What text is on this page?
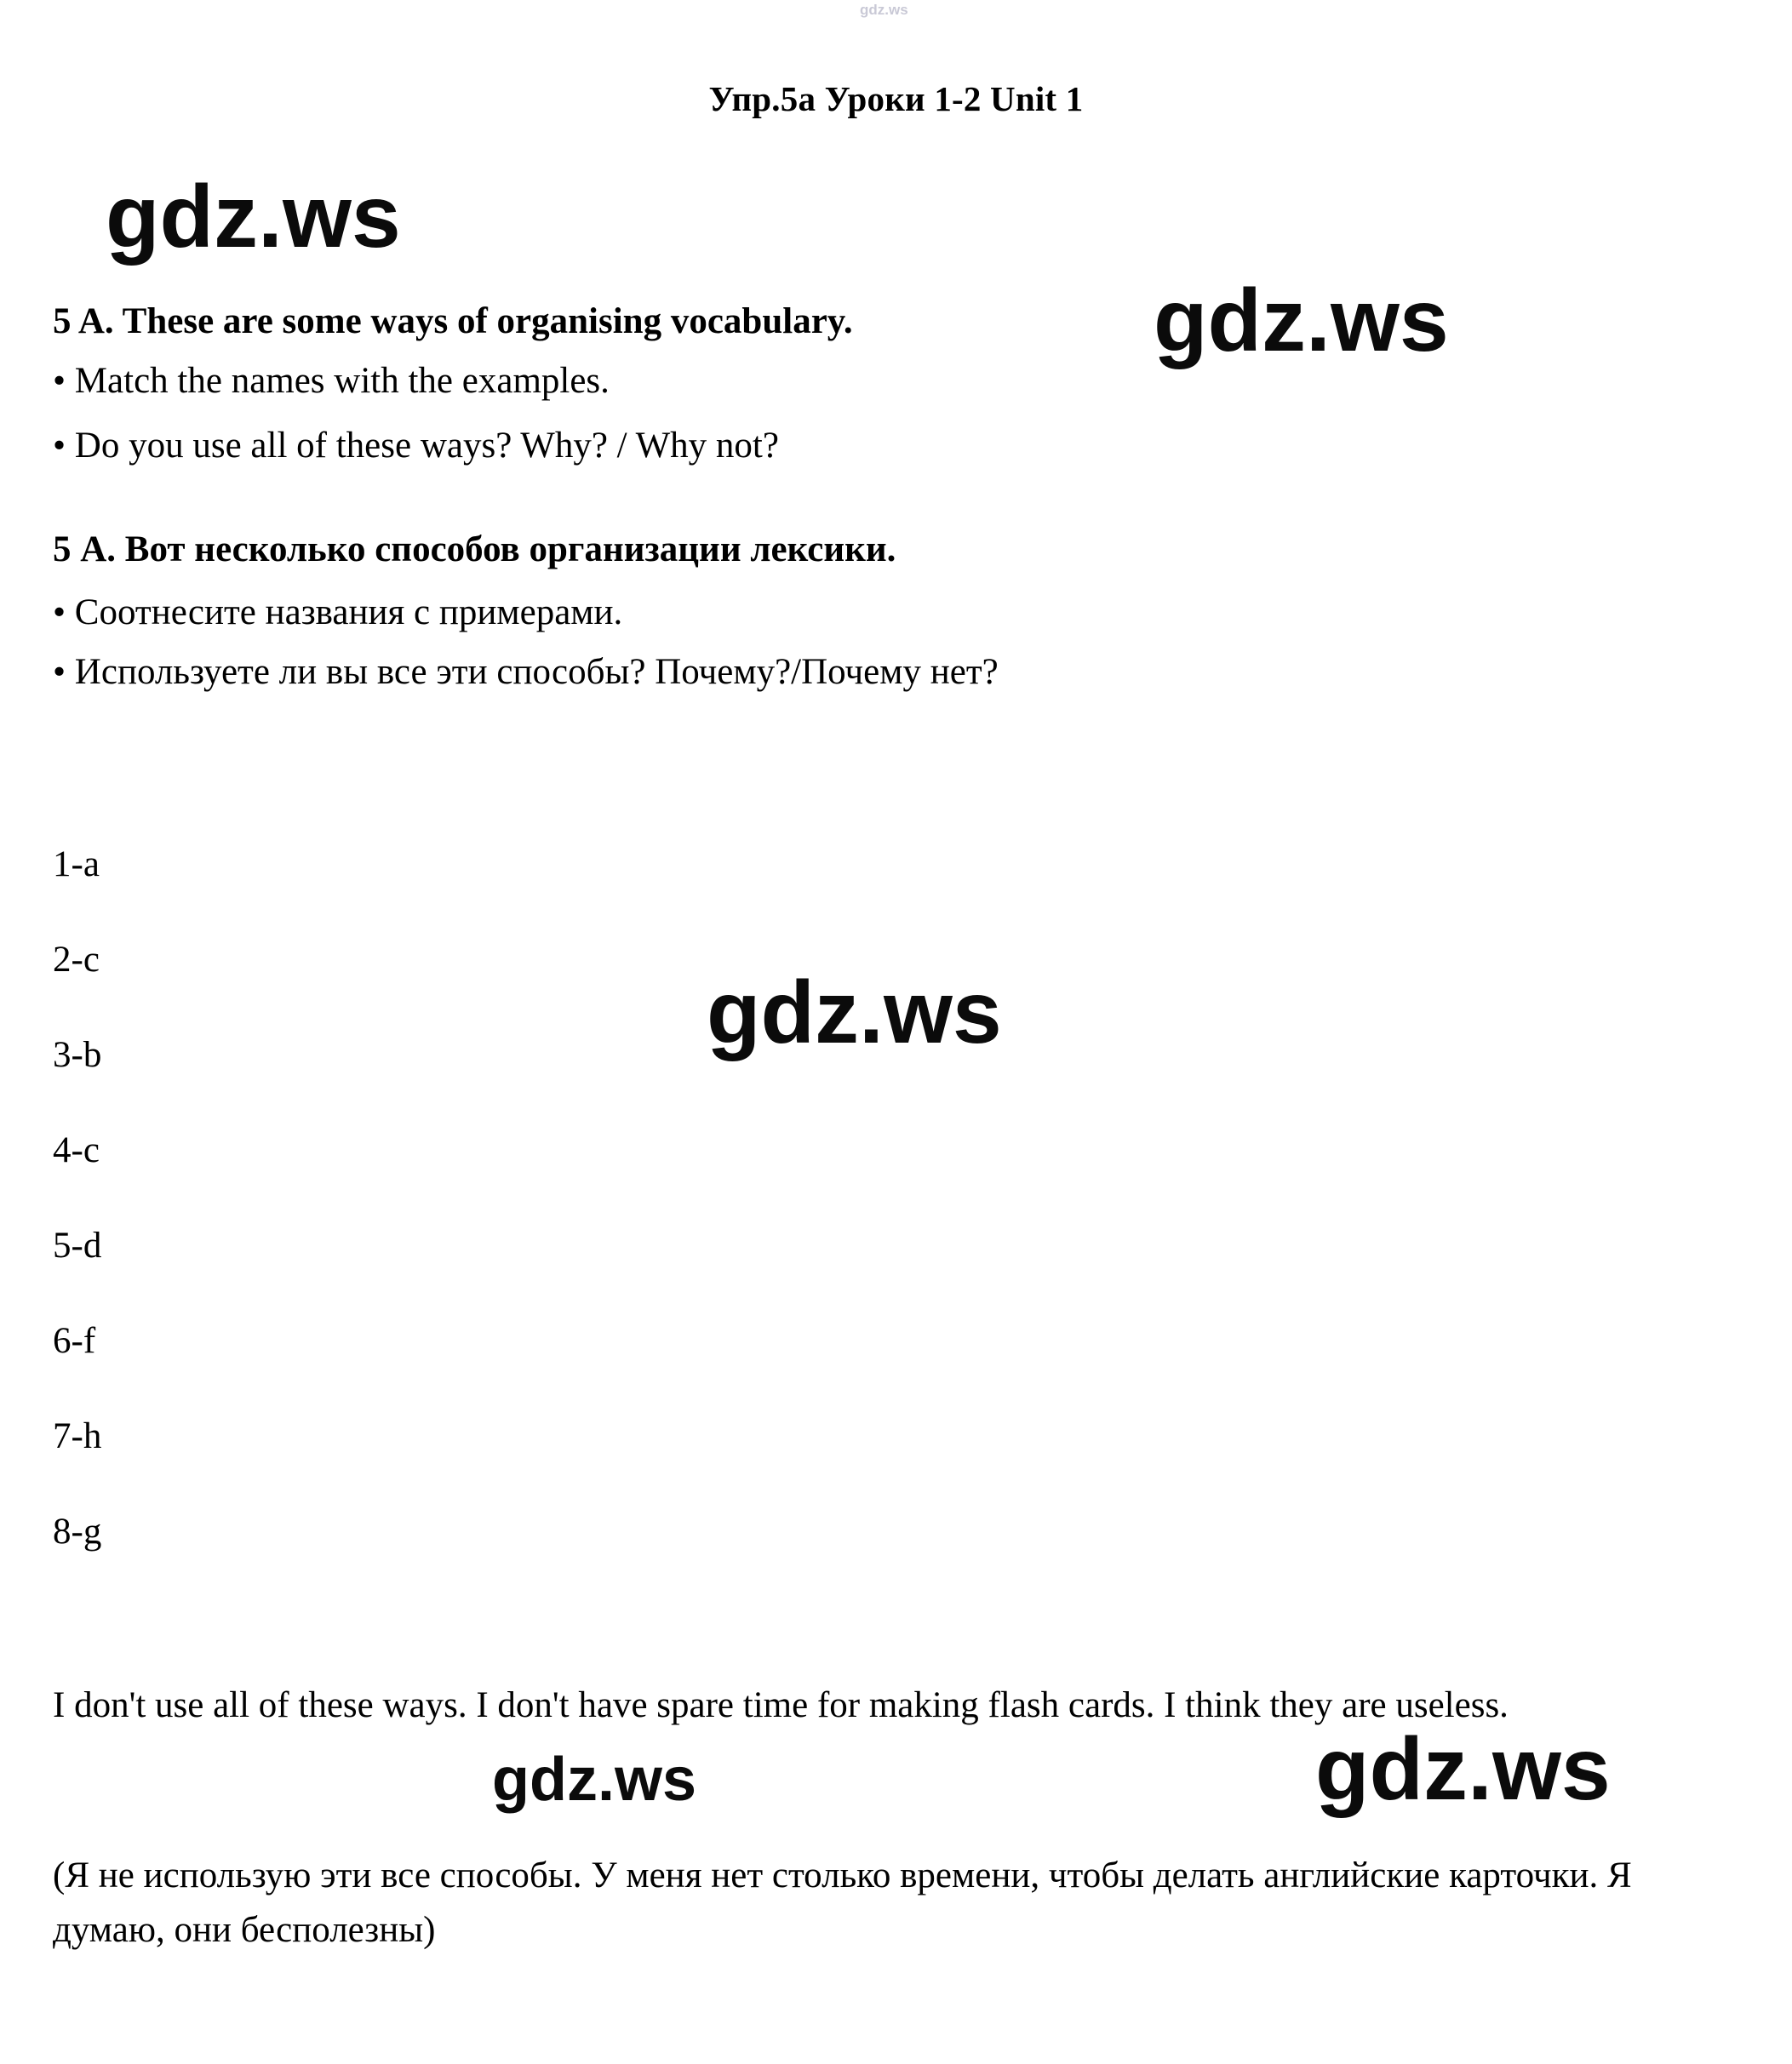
gdz.ws
Упр.5a Уроки 1-2 Unit 1
gdz.ws
gdz.ws
gdz.ws
gdz.ws	gdz.ws
5 A. These are some ways of organising vocabulary.
• Match the names with the examples.
• Do you use all of these ways? Why? / Why not?
5 А. Вот несколько способов организации лексики.
• Соотнесите названия с примерами.
• Используете ли вы все эти способы? Почему?/Почему нет?
1-a
2-c
3-b
4-c
5-d
6-f
7-h
8-g
I don't use all of these ways. I don't have spare time for making flash cards. I think they are useless.
(Я не использую эти все способы. У меня нет столько времени, чтобы делать английские карточки. Я думаю, они бесполезны)
